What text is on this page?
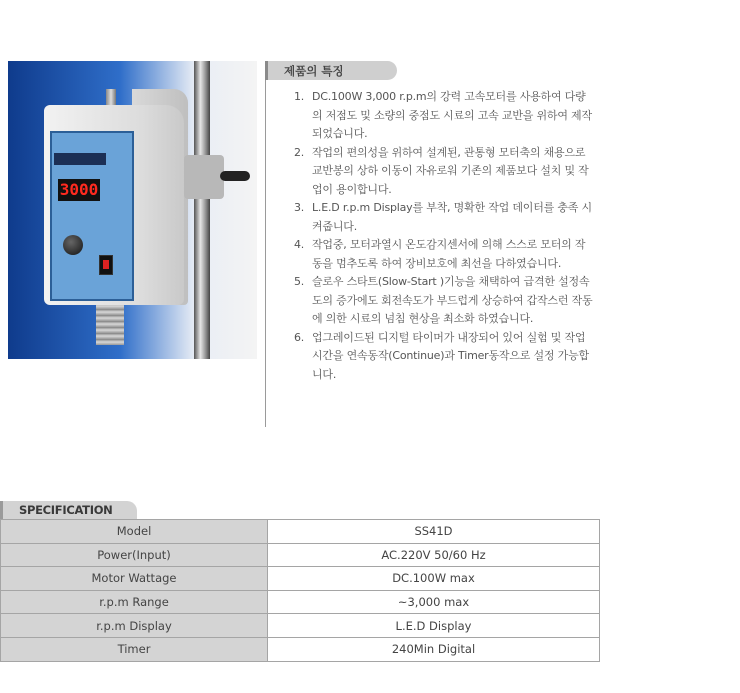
3000
제품의 특징
1. DC.100W 3,000 r.p.m의 강력 고속모터를 사용하여 다량의 저점도 및 소량의 중점도 시료의 고속 교반을 위하여 제작 되었습니다.
2. 작업의 편의성을 위하여 설계된, 관통형 모터축의 채용으로 교반봉의 상하 이동이 자유로워 기존의 제품보다 설치 및 작업이 용이합니다.
3. L.E.D r.p.m Display를 부착, 명확한 작업 데이터를 충족 시켜줍니다.
4. 작업중, 모터과열시 온도감지센서에 의해 스스로 모터의 작동을 멈추도록 하여 장비보호에 최선을 다하였습니다.
5. 슬로우 스타트(Slow-Start )기능을 채택하여 급격한 설정속도의 증가에도 회전속도가 부드럽게 상승하여 갑작스런 작동에 의한 시료의 넘침 현상을 최소화 하였습니다.
6. 업그레이드된 디지털 타이머가 내장되어 있어 실험 및 작업시간을 연속동작(Continue)과 Timer동작으로 설정 가능합니다.
SPECIFICATION
Model	SS41D
Power(Input)	AC.220V 50/60 Hz
Motor Wattage	DC.100W max
r.p.m Range	~3,000 max
r.p.m Display	L.E.D Display
Timer	240Min Digital
